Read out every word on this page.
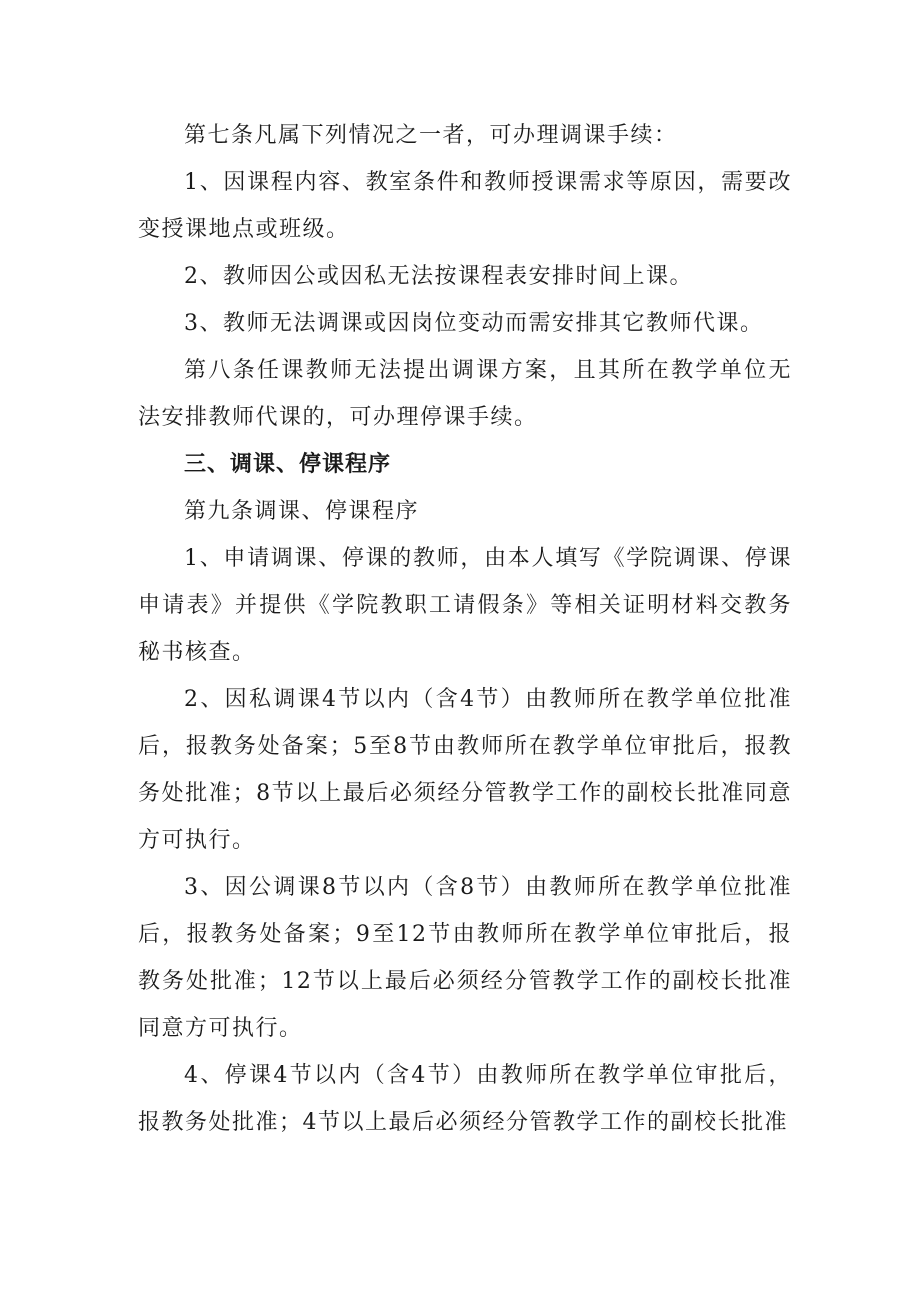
第七条凡属下列情况之一者，可办理调课手续：

1、因课程内容、教室条件和教师授课需求等原因，需要改变授课地点或班级。

2、教师因公或因私无法按课程表安排时间上课。

3、教师无法调课或因岗位变动而需安排其它教师代课。

第八条任课教师无法提出调课方案，且其所在教学单位无法安排教师代课的，可办理停课手续。

三、调课、停课程序

第九条调课、停课程序

1、申请调课、停课的教师，由本人填写《学院调课、停课申请表》并提供《学院教职工请假条》等相关证明材料交教务秘书核查。

2、因私调课4节以内（含4节）由教师所在教学单位批准后，报教务处备案；5至8节由教师所在教学单位审批后，报教务处批准；8节以上最后必须经分管教学工作的副校长批准同意方可执行。

3、因公调课8节以内（含8节）由教师所在教学单位批准后，报教务处备案；9至12节由教师所在教学单位审批后，报教务处批准；12节以上最后必须经分管教学工作的副校长批准同意方可执行。

4、停课4节以内（含4节）由教师所在教学单位审批后，报教务处批准；4节以上最后必须经分管教学工作的副校长批准
